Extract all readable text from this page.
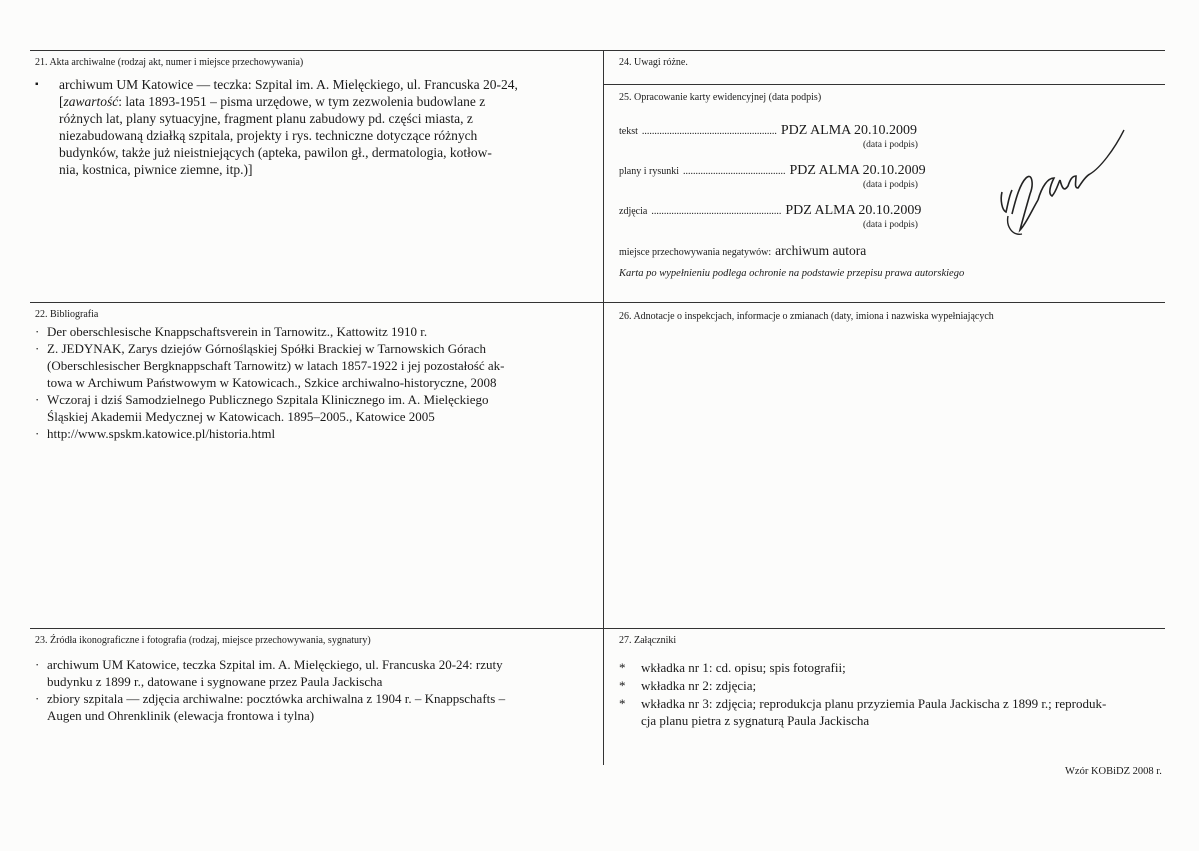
21. Akta archiwalne (rodzaj akt, numer i miejsce przechowywania)
▪ archiwum UM Katowice — teczka: Szpital im. A. Mielęckiego, ul. Francuska 20-24,
[zawartość: lata 1893-1951 – pisma urzędowe, w tym zezwolenia budowlane z
różnych lat, plany sytuacyjne, fragment planu zabudowy pd. części miasta, z
niezabudowaną działką szpitala, projekty i rys. techniczne dotyczące różnych
budynków, także już nieistniejących (apteka, pawilon gł., dermatologia, kotłow-
nia, kostnica, piwnice ziemne, itp.)]
24. Uwagi różne.
25. Opracowanie karty ewidencyjnej (data podpis)
tekst ...................................................... PDZ ALMA 20.10.2009
(data i podpis)
plany i rysunki ......................................... PDZ ALMA 20.10.2009
(data i podpis)
zdjęcia .................................................... PDZ ALMA 20.10.2009
(data i podpis)
miejsce przechowywania negatywów: archiwum autora
Karta po wypełnieniu podlega ochronie na podstawie przepisu prawa autorskiego
22. Bibliografia
· Der oberschlesische Knappschaftsverein in Tarnowitz., Kattowitz 1910 r.
· Z. JEDYNAK, Zarys dziejów Górnośląskiej Spółki Brackiej w Tarnowskich Górach
(Oberschlesischer Bergknappschaft Tarnowitz) w latach 1857-1922 i jej pozostałość ak-
towa w Archiwum Państwowym w Katowicach., Szkice archiwalno-historyczne, 2008
· Wczoraj i dziś Samodzielnego Publicznego Szpitala Klinicznego im. A. Mielęckiego
Śląskiej Akademii Medycznej w Katowicach. 1895–2005., Katowice 2005
· http://www.spskm.katowice.pl/historia.html
26. Adnotacje o inspekcjach, informacje o zmianach (daty, imiona i nazwiska wypełniających
23. Źródła ikonograficzne i fotografia (rodzaj, miejsce przechowywania, sygnatury)
· archiwum UM Katowice, teczka Szpital im. A. Mielęckiego, ul. Francuska 20-24: rzuty
budynku z 1899 r., datowane i sygnowane przez Paula Jackischa
· zbiory szpitala — zdjęcia archiwalne: pocztówka archiwalna z 1904 r. – Knappschafts –
Augen und Ohrenklinik (elewacja frontowa i tylna)
27. Załączniki
* wkładka nr 1: cd. opisu; spis fotografii;
* wkładka nr 2: zdjęcia;
* wkładka nr 3: zdjęcia; reprodukcja planu przyziemia Paula Jackischa z 1899 r.; reproduk-
cja planu pietra z sygnaturą Paula Jackischa
Wzór KOBiDZ 2008 r.
